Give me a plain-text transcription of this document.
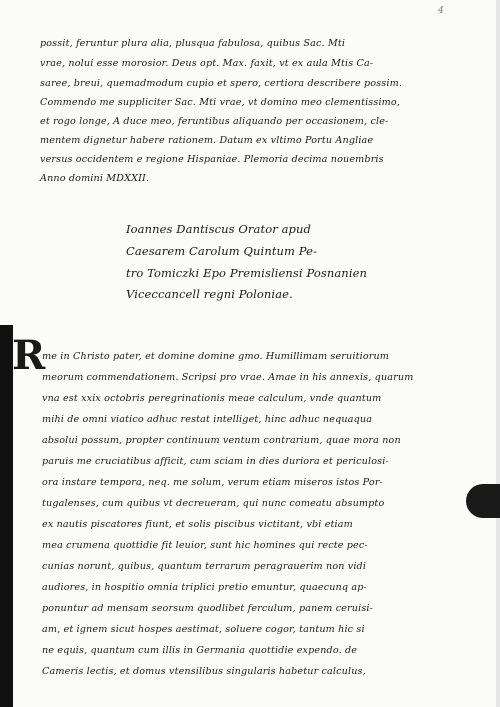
4
possit, feruntur plura alia, plusqua fabulosa, quibus Sac. Mti
vrae, nolui esse morosior. Deus opt. Max. faxit, vt ex aula Mtis Ca-
saree, breui, quemadmodum cupio et spero, certiora describere possim.
Commendo me suppliciter Sac. Mti vrae, vt domino meo clementissimo,
et rogo longe, A duce meo, feruntibus aliquando per occasionem, cle-
mentem dignetur habere rationem. Datum ex vltimo Portu Angliae
versus occidentem e regione Hispaniae. Plemoria decima nouembris
Anno domini MDXXII.
Ioannes Dantiscus Orator apud
Caesarem Carolum Quintum Pe-
tro Tomiczki Epo Premisliensi Posnanien
Viceccancell regni Poloniae.
R
me in Christo pater, et domine domine gmo. Humillimam seruitiorum
meorum commendationem. Scripsi pro vrae. Amae in his annexis, quarum
vna est xxix octobris peregrinationis meae calculum, vnde quantum
mihi de omni viatico adhuc restat intelliget, hinc adhuc nequaqua
absolui possum, propter continuum ventum contrarium, quae mora non
paruis me cruciatibus afficit, cum sciam in dies duriora et periculosi-
ora instare tempora, neq. me solum, verum etiam miseros istos Por-
tugalenses, cum quibus vt decreueram, qui nunc comeatu absumpto
ex nautis piscatores fiunt, et solis piscibus victitant, vbi etiam
mea crumena quottidie fit leuior, sunt hic homines qui recte pec-
cunias norunt, quibus, quantum terrarum peragrauerim non vidi
audiores, in hospitio omnia triplici pretio emuntur, quaecunq ap-
ponuntur ad mensam seorsum quodlibet ferculum, panem ceruisi-
am, et ignem sicut hospes aestimat, soluere cogor, tantum hic si
ne equis, quantum cum illis in Germania quottidie expendo. de
Cameris lectis, et domus vtensilibus singularis habetur calculus,
